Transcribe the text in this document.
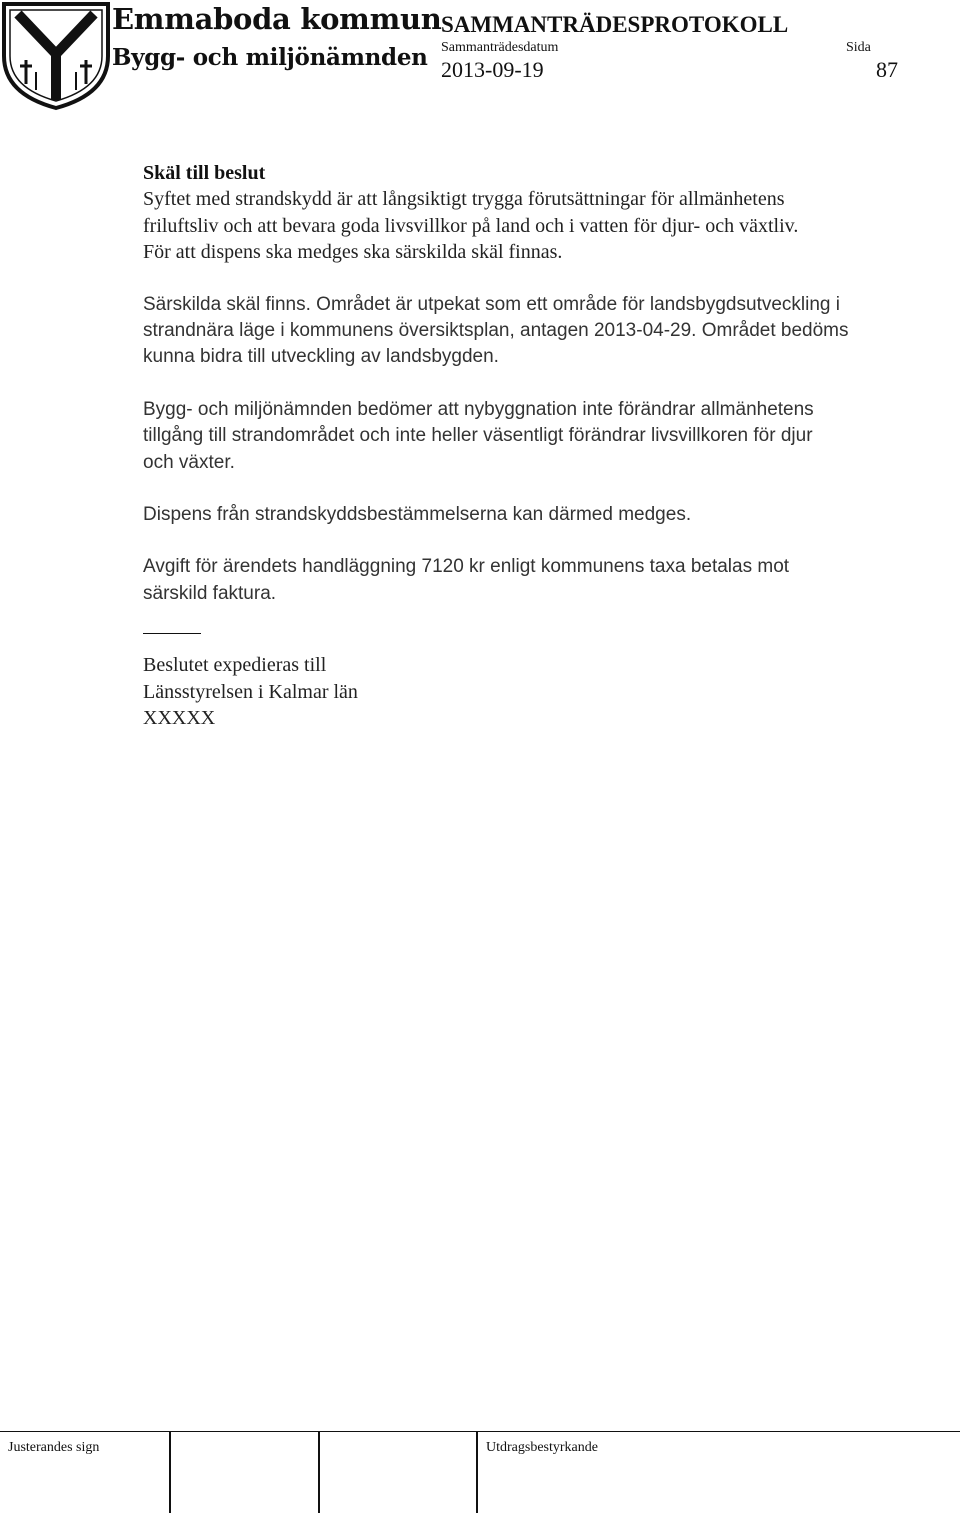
Emmaboda kommun
Bygg- och miljönämnden
SAMMANTRÄDESPROTOKOLL
Sammanträdesdatum
2013-09-19
Sida
87
Skäl till beslut

Syftet med strandskydd är att långsiktigt trygga förutsättningar för allmänhetens
friluftsliv och att bevara goda livsvillkor på land och i vatten för djur- och växtliv.
För att dispens ska medges ska särskilda skäl finnas.

Särskilda skäl finns. Området är utpekat som ett område för landsbygdsutveckling i
strandnära läge i kommunens översiktsplan, antagen 2013-04-29. Området bedöms
kunna bidra till utveckling av landsbygden.

Bygg- och miljönämnden bedömer att nybyggnation inte förändrar allmänhetens
tillgång till strandområdet och inte heller väsentligt förändrar livsvillkoren för djur
och växter.

Dispens från strandskyddsbestämmelserna kan därmed medges.

Avgift för ärendets handläggning 7120 kr enligt kommunens taxa betalas mot
särskild faktura.

Beslutet expedieras till

Länsstyrelsen i Kalmar län

XXXXX

Justerandes sign	Utdragsbestyrkande
